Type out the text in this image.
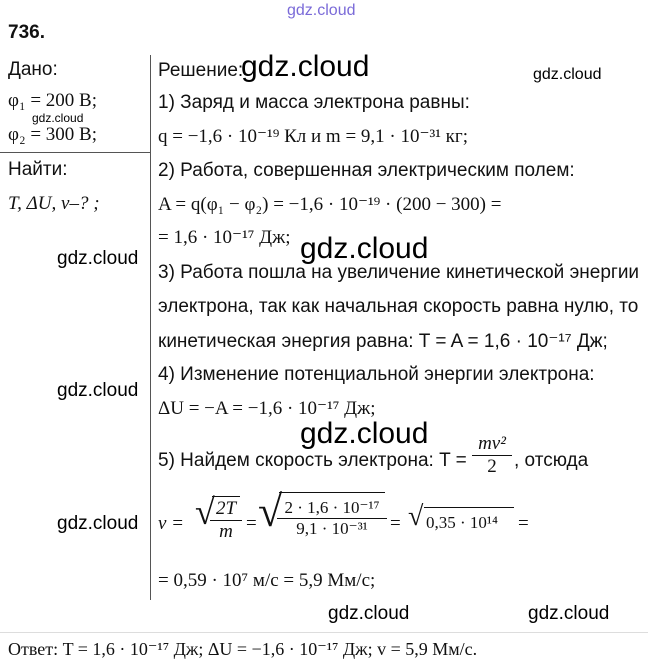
gdz.cloud
736.
Дано:
φ₁ = 200 В;
gdz.cloud
φ₂ = 300 В;
Найти:
T, ΔU, v–? ;
Решение:
gdz.cloud	gdz.cloud
1) Заряд и масса электрона равны:
q = −1,6 · 10⁻¹⁹ Кл и m = 9,1 · 10⁻³¹ кг;
2) Работа, совершенная электрическим полем:
A = q(φ₁ − φ₂) = −1,6 · 10⁻¹⁹ · (200 − 300) =
= 1,6 · 10⁻¹⁷ Дж; gdz.cloud
gdz.cloud
3) Работа пошла на увеличение кинетической энергии
электрона, так как начальная скорость равна нулю, то
кинетическая энергия равна: T = A = 1,6 · 10⁻¹⁷ Дж;
4) Изменение потенциальной энергии электрона:
gdz.cloud
ΔU = −A = −1,6 · 10⁻¹⁷ Дж;
gdz.cloud
5) Найдем скорость электрона: $T = \frac{\text{mv²}}{2}$ , отсюда
v =
gdz.cloud √
$\frac{2T}{m}$ = √
$\frac{\text{2 · 1,6 · 10⁻¹⁷}}{\text{9,1 · 10⁻³¹}}$ = √ 0,35 · 10¹⁴ =
= 0,59 · 10⁷ м/с = 5,9 Мм/с;
gdz.cloud	gdz.cloud
Ответ: T = 1,6 · 10⁻¹⁷ Дж; ΔU = −1,6 · 10⁻¹⁷ Дж; v = 5,9 Мм/с.
